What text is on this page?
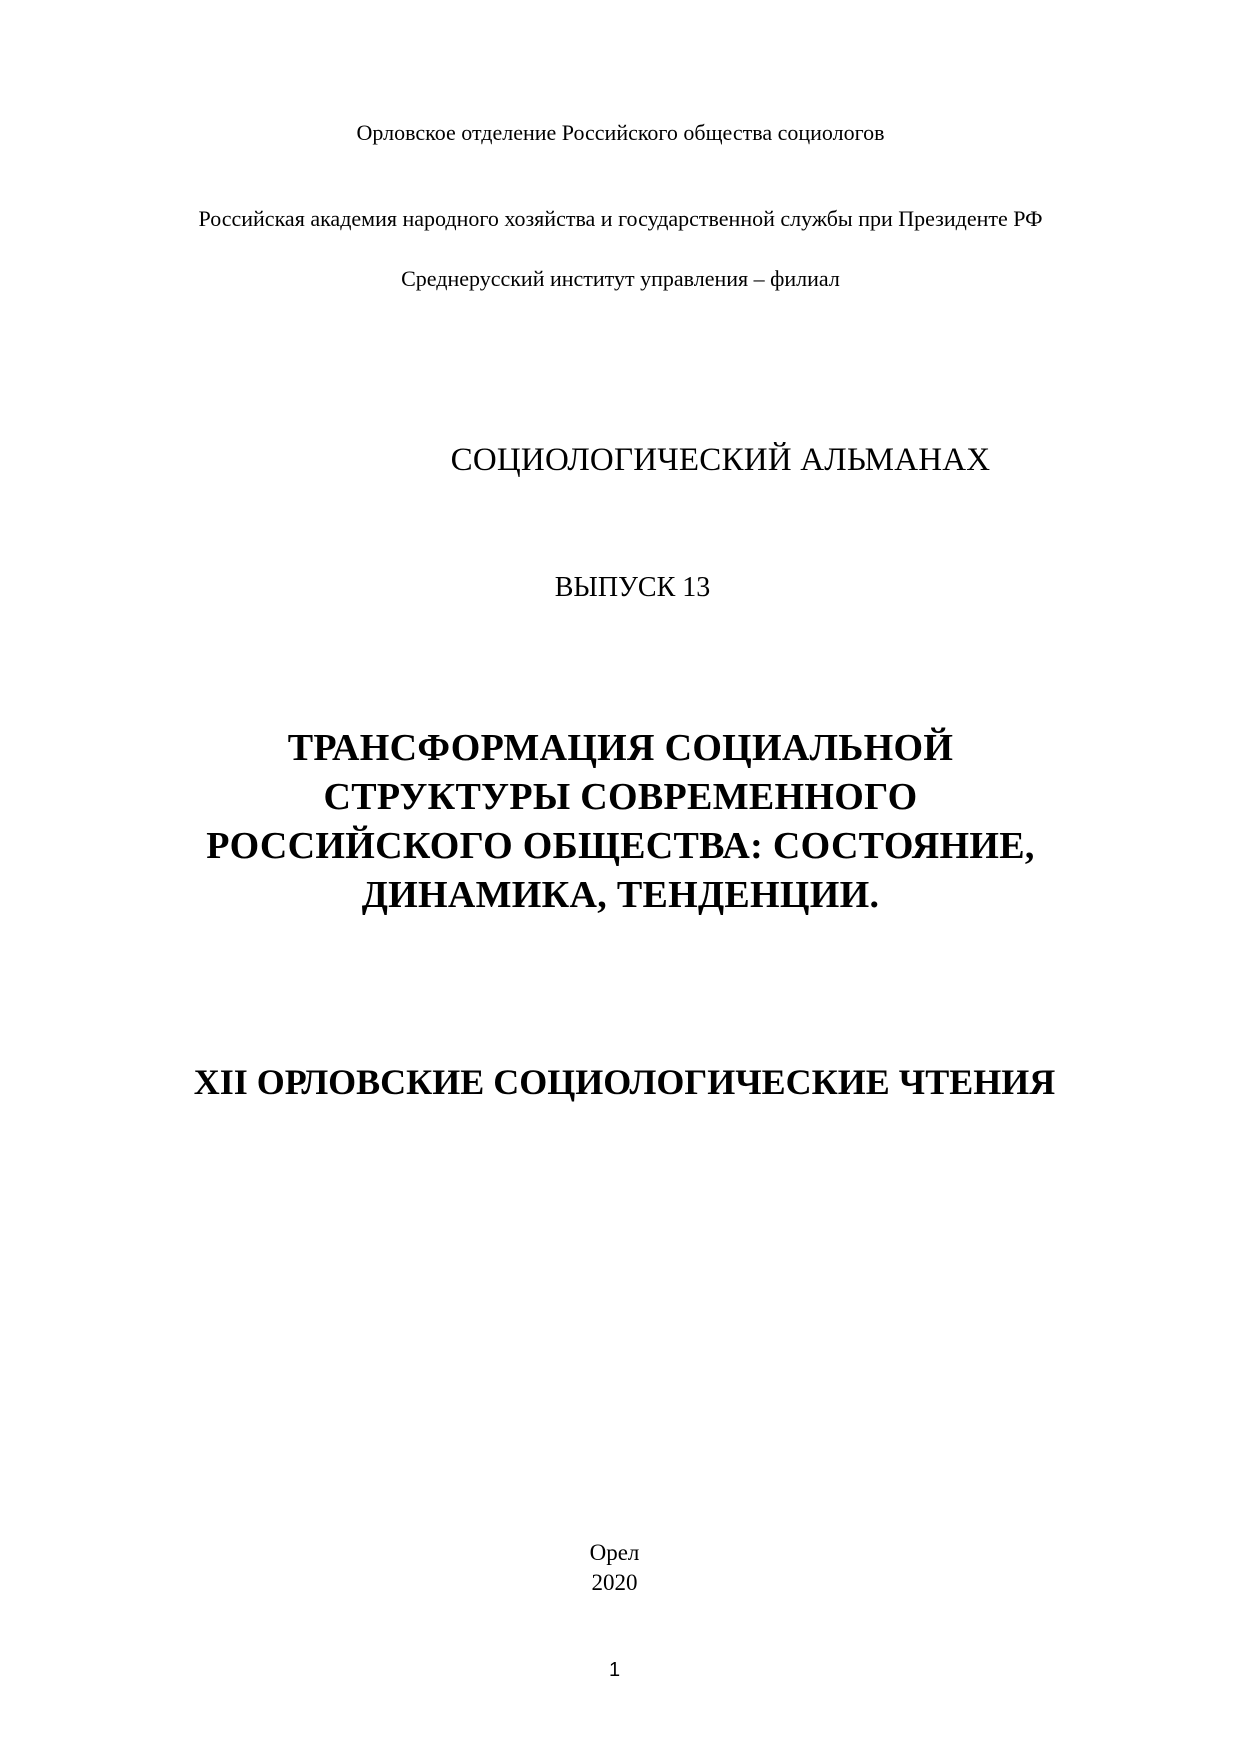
Орловское отделение Российского общества социологов
Российская академия народного хозяйства и государственной службы при Президенте РФ
Среднерусский институт управления – филиал
СОЦИОЛОГИЧЕСКИЙ АЛЬМАНАХ
ВЫПУСК 13
ТРАНСФОРМАЦИЯ СОЦИАЛЬНОЙ
СТРУКТУРЫ СОВРЕМЕННОГО
РОССИЙСКОГО ОБЩЕСТВА: СОСТОЯНИЕ,
ДИНАМИКА, ТЕНДЕНЦИИ.
XII ОРЛОВСКИЕ СОЦИОЛОГИЧЕСКИЕ ЧТЕНИЯ
Орел
2020
1
